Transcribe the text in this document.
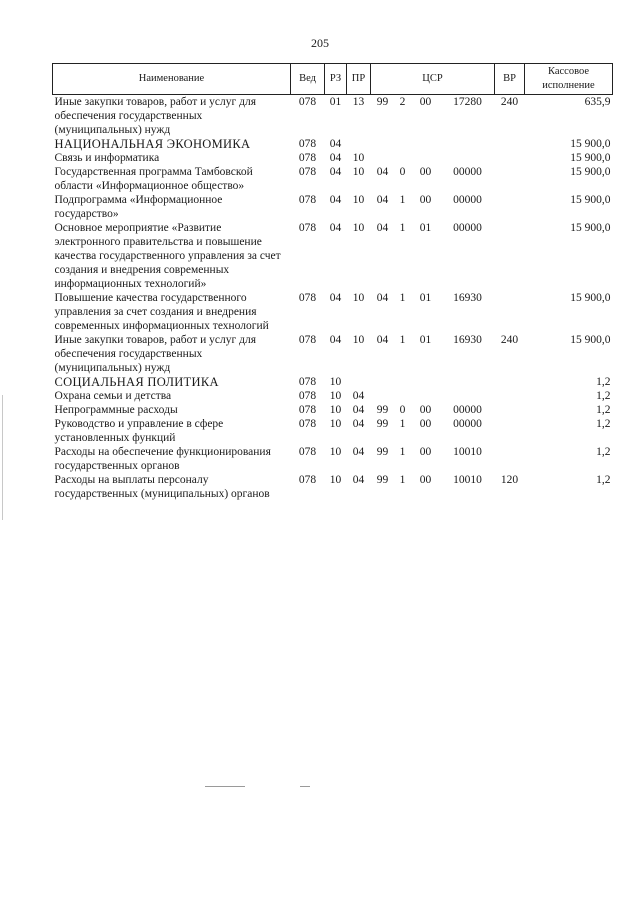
205
Наименование	Вед	РЗ	ПР	ЦСР				ВР	Кассовое
исполнение
Иные закупки товаров, работ и услуг для обеспечения государственных (муниципальных) нужд	078	01	13	99	2	00	17280	240	635,9
НАЦИОНАЛЬНАЯ ЭКОНОМИКА	078	04							15 900,0
Связь и информатика	078	04	10						15 900,0
Государственная программа Тамбовской области «Информационное общество»	078	04	10	04	0	00	00000		15 900,0
Подпрограмма «Информационное государство»	078	04	10	04	1	00	00000		15 900,0
Основное мероприятие «Развитие электронного правительства и повышение качества государственного управления за счет создания и внедрения современных информационных технологий»	078	04	10	04	1	01	00000		15 900,0
Повышение качества государственного управления за счет создания и внедрения современных информационных технологий	078	04	10	04	1	01	16930		15 900,0
Иные закупки товаров, работ и услуг для обеспечения государственных (муниципальных) нужд	078	04	10	04	1	01	16930	240	15 900,0
СОЦИАЛЬНАЯ ПОЛИТИКА	078	10							1,2
Охрана семьи и детства	078	10	04						1,2
Непрограммные расходы	078	10	04	99	0	00	00000		1,2
Руководство и управление в сфере установленных функций	078	10	04	99	1	00	00000		1,2
Расходы на обеспечение функционирования государственных органов	078	10	04	99	1	00	10010		1,2
Расходы на выплаты персоналу государственных (муниципальных) органов	078	10	04	99	1	00	10010	120	1,2
